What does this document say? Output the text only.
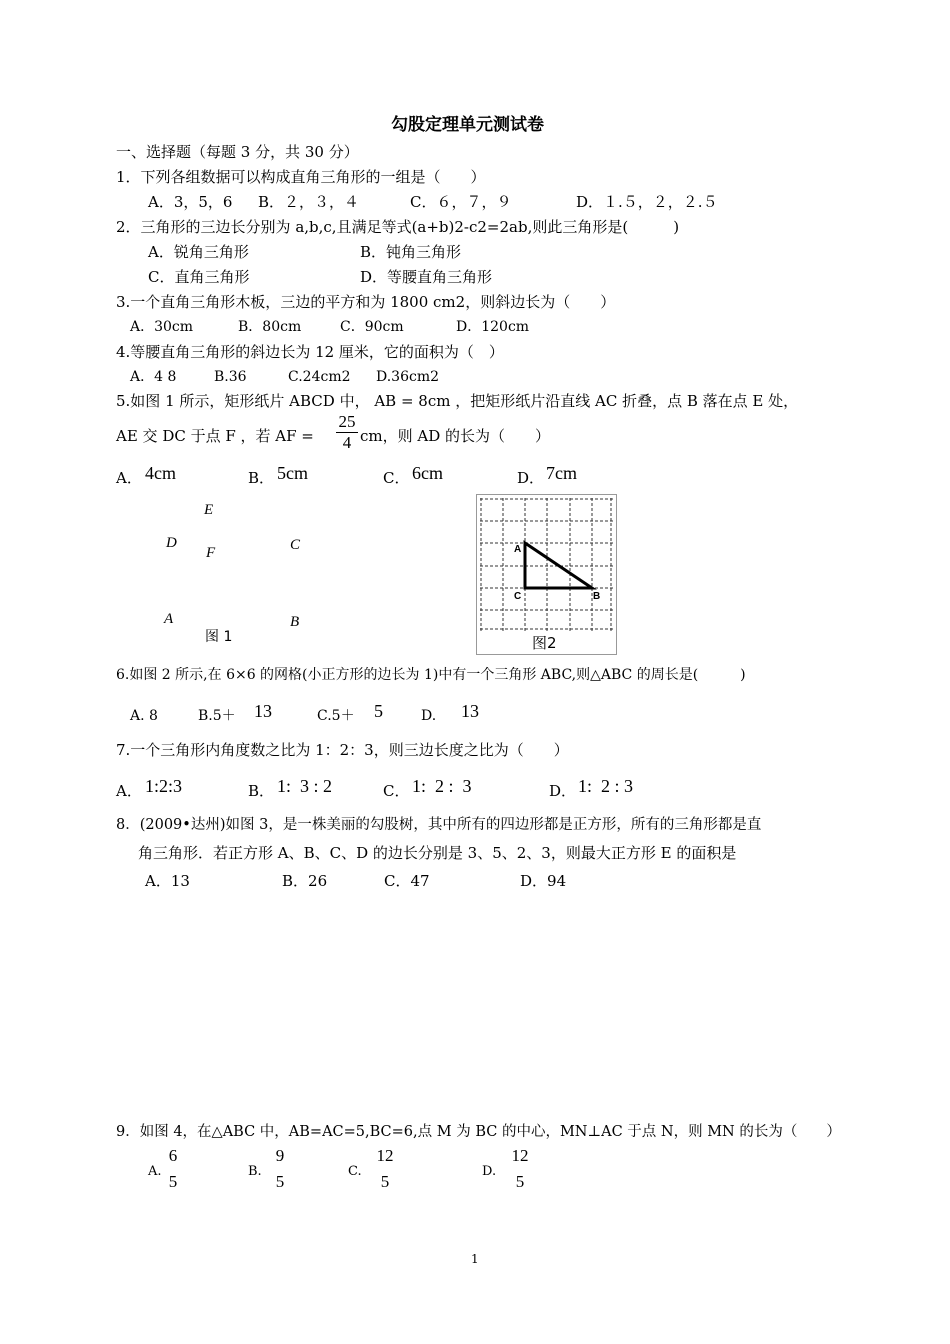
勾股定理单元测试卷
一、选择题（每题 3 分，共 30 分）
1．下列各组数据可以构成直角三角形的一组是（　　）
A．3，5，6 B．２，３，４	C．６，７，９	D．１.５，２，２.５
2．三角形的三边长分别为 a,b,c,且满足等式(a+b)2-c2=2ab,则此三角形是(　　　)
A．锐角三角形	B．钝角三角形
C．直角三角形	D．等腰直角三角形
3.一个直角三角形木板，三边的平方和为 1800 cm2，则斜边长为（　　）
A．30cm	B．80cm	C．90cm	D．120cm
4.等腰直角三角形的斜边长为 12 厘米，它的面积为（　）
A．4 8	B.36	C.24cm2 D.36cm2
5.如图 1 所示，矩形纸片 ABCD 中， AB = 8cm ，把矩形纸片沿直线 AC 折叠，点 B 落在点 E 处，
AE 交 DC 于点 F ，若 AF = $\frac{25}{4}$ cm，则 AD 的长为（　　）
A． 4cm	B． 5cm	C． 6cm	D． 7cm
E
D
F	C
A	B
图 1
A
C	B
图2
6.如图 2 所示,在 6×6 的网格(小正方形的边长为 1)中有一个三角形 ABC,则△ABC 的周长是(　　　)
A. 8	B.5＋ 13	C.5＋ 5	D. 13
7.一个三角形内角度数之比为 1：2：3，则三边长度之比为（　　）
A． 1:2:3	B． 1:  3 : 2	C． 1:  2 :  3	D． 1:  2 : 3
8．(2009•达州)如图 3，是一株美丽的勾股树，其中所有的四边形都是正方形，所有的三角形都是直
角三角形．若正方形 A、B、C、D 的边长分别是 3、5、2、3，则最大正方形 E 的面积是
A．13	B．26	C．47	D．94
9．如图 4，在△ABC 中，AB=AC=5,BC=6,点 M 为 BC 的中心，MN⊥AC 于点 N，则 MN 的长为（　　）
A.
6
5
B.
9
5
C.
12
5
D.
12
5
1
